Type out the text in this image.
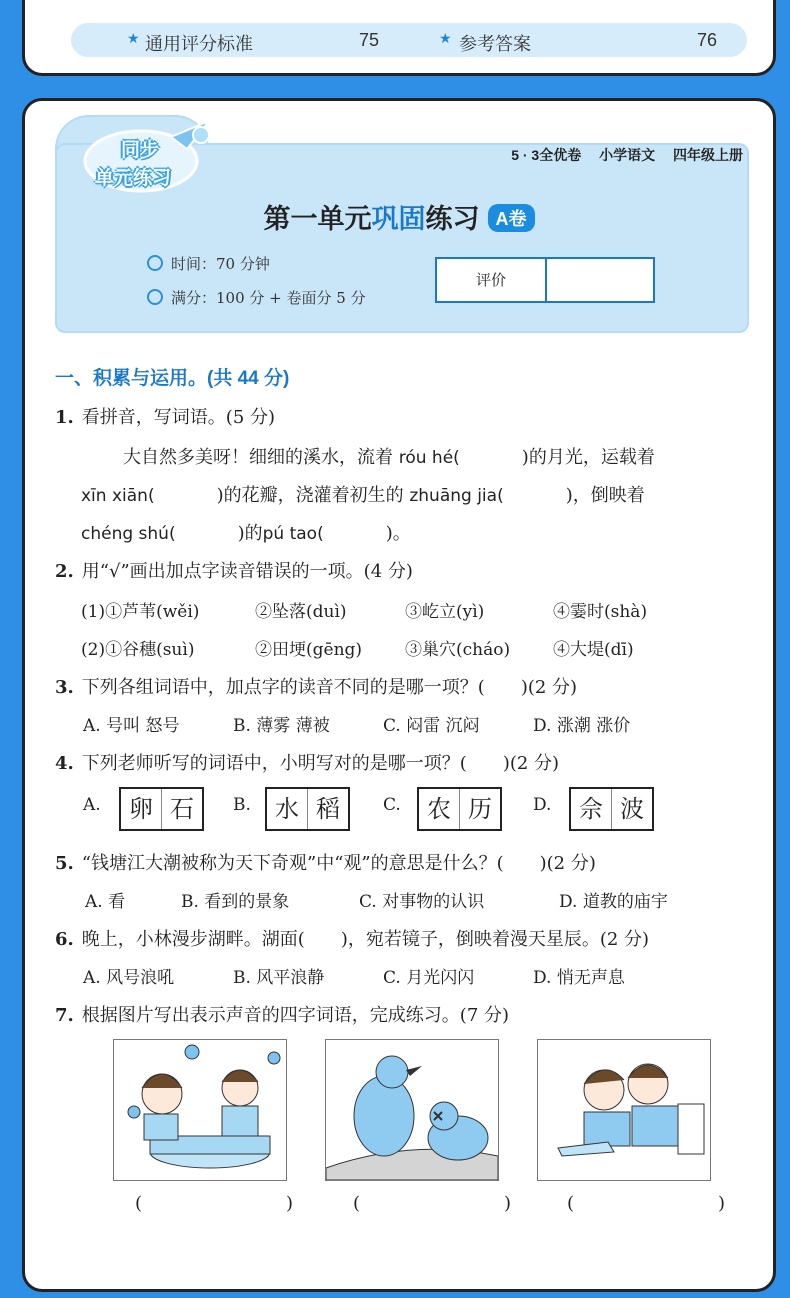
★ 通用评分标准	75	★ 参考答案	76
同步
单元练习
5 · 3全优卷 小学语文 四年级上册
第一单元巩固练习 A卷
时间：70 分钟
满分：100 分 + 卷面分 5 分
评价
一、积累与运用。(共 44 分)
1. 看拼音，写词语。(5 分)
大自然多美呀！细细的溪水，流着 róu hé(	)的月光，运载着
xīn xiān(	)的花瓣，浇灌着初生的 zhuāng jia(	)，倒映着
chéng shú(	)的pú tao(	)。
2. 用“√”画出加点字读音错误的一项。(4 分)
(1)①芦苇(wěi)	②坠落(duì)	③屹立(yì)	④霎时(shà)
(2)①谷穗(suì)	②田埂(gēng)	③巢穴(cháo)	④大堤(dī)
3. 下列各组词语中，加点字的读音不同的是哪一项？(　　)(2 分)
A. 号叫 怒号	B. 薄雾 薄被	C. 闷雷 沉闷	D. 涨潮 涨价
4. 下列老师听写的词语中，小明写对的是哪一项？(　　)(2 分)
A.	卵 石	B.	水 稻	C.	农 历	D.	佘 波
5. “钱塘江大潮被称为天下奇观”中“观”的意思是什么？(　　)(2 分)
A. 看	B. 看到的景象	C. 对事物的认识	D. 道教的庙宇
6. 晚上，小林漫步湖畔。湖面(　　)，宛若镜子，倒映着漫天星辰。(2 分)
A. 风号浪吼	B. 风平浪静	C. 月光闪闪	D. 悄无声息
7. 根据图片写出表示声音的四字词语，完成练习。(7 分)
(　　　　　　　　)	(　　　　　　　　)	(　　　　　　　　)
